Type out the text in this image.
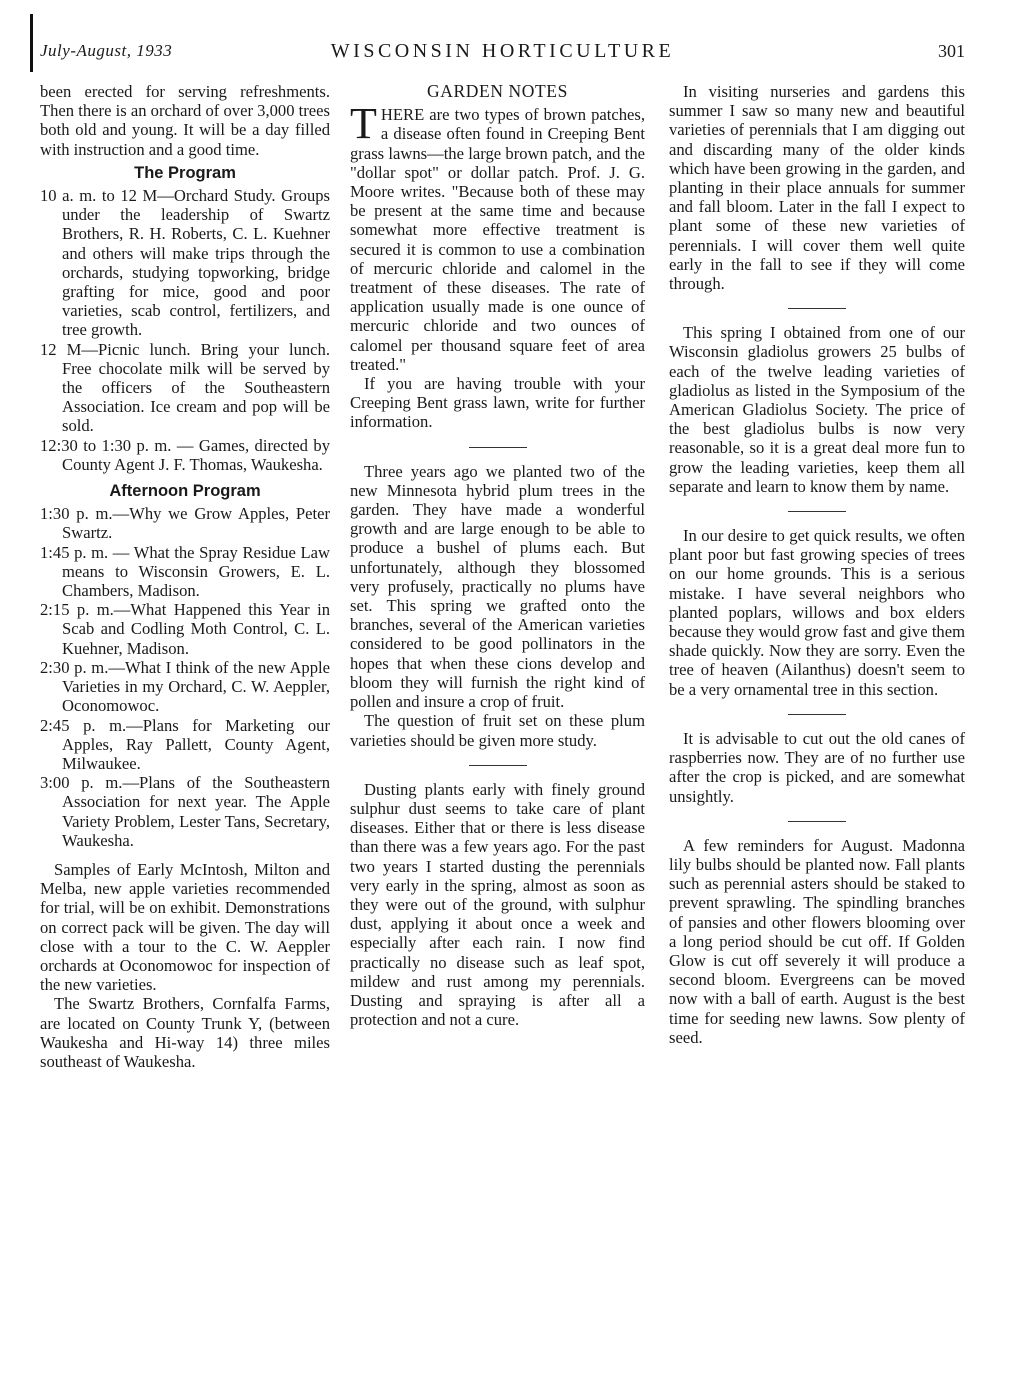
July-August, 1933	WISCONSIN HORTICULTURE	301

been erected for serving refreshments. Then there is an orchard of over 3,000 trees both old and young. It will be a day filled with instruction and a good time.

The Program

10 a. m. to 12 M—Orchard Study. Groups under the leadership of Swartz Brothers, R. H. Roberts, C. L. Kuehner and others will make trips through the orchards, studying topworking, bridge grafting for mice, good and poor varieties, scab control, fertilizers, and tree growth.

12 M—Picnic lunch. Bring your lunch. Free chocolate milk will be served by the officers of the Southeastern Association. Ice cream and pop will be sold.

12:30 to 1:30 p. m. — Games, directed by County Agent J. F. Thomas, Waukesha.

Afternoon Program

1:30 p. m.—Why we Grow Apples, Peter Swartz.

1:45 p. m. — What the Spray Residue Law means to Wisconsin Growers, E. L. Chambers, Madison.

2:15 p. m.—What Happened this Year in Scab and Codling Moth Control, C. L. Kuehner, Madison.

2:30 p. m.—What I think of the new Apple Varieties in my Orchard, C. W. Aeppler, Oconomowoc.

2:45 p. m.—Plans for Marketing our Apples, Ray Pallett, County Agent, Milwaukee.

3:00 p. m.—Plans of the Southeastern Association for next year. The Apple Variety Problem, Lester Tans, Secretary, Waukesha.

Samples of Early McIntosh, Milton and Melba, new apple varieties recommended for trial, will be on exhibit. Demonstrations on correct pack will be given. The day will close with a tour to the C. W. Aeppler orchards at Oconomowoc for inspection of the new varieties.

The Swartz Brothers, Cornfalfa Farms, are located on County Trunk Y, (between Waukesha and Hi-way 14) three miles southeast of Waukesha.

GARDEN NOTES

THERE are two types of brown patches, a disease often found in Creeping Bent grass lawns—the large brown patch, and the "dollar spot" or dollar patch. Prof. J. G. Moore writes. "Because both of these may be present at the same time and because somewhat more effective treatment is secured it is common to use a combination of mercuric chloride and calomel in the treatment of these diseases. The rate of application usually made is one ounce of mercuric chloride and two ounces of calomel per thousand square feet of area treated."

If you are having trouble with your Creeping Bent grass lawn, write for further information.

Three years ago we planted two of the new Minnesota hybrid plum trees in the garden. They have made a wonderful growth and are large enough to be able to produce a bushel of plums each. But unfortunately, although they blossomed very profusely, practically no plums have set. This spring we grafted onto the branches, several of the American varieties considered to be good pollinators in the hopes that when these cions develop and bloom they will furnish the right kind of pollen and insure a crop of fruit.

The question of fruit set on these plum varieties should be given more study.

Dusting plants early with finely ground sulphur dust seems to take care of plant diseases. Either that or there is less disease than there was a few years ago. For the past two years I started dusting the perennials very early in the spring, almost as soon as they were out of the ground, with sulphur dust, applying it about once a week and especially after each rain. I now find practically no disease such as leaf spot, mildew and rust among my perennials. Dusting and spraying is after all a protection and not a cure.

In visiting nurseries and gardens this summer I saw so many new and beautiful varieties of perennials that I am digging out and discarding many of the older kinds which have been growing in the garden, and planting in their place annuals for summer and fall bloom. Later in the fall I expect to plant some of these new varieties of perennials. I will cover them well quite early in the fall to see if they will come through.

This spring I obtained from one of our Wisconsin gladiolus growers 25 bulbs of each of the twelve leading varieties of gladiolus as listed in the Symposium of the American Gladiolus Society. The price of the best gladiolus bulbs is now very reasonable, so it is a great deal more fun to grow the leading varieties, keep them all separate and learn to know them by name.

In our desire to get quick results, we often plant poor but fast growing species of trees on our home grounds. This is a serious mistake. I have several neighbors who planted poplars, willows and box elders because they would grow fast and give them shade quickly. Now they are sorry. Even the tree of heaven (Ailanthus) doesn't seem to be a very ornamental tree in this section.

It is advisable to cut out the old canes of raspberries now. They are of no further use after the crop is picked, and are somewhat unsightly.

A few reminders for August. Madonna lily bulbs should be planted now. Fall plants such as perennial asters should be staked to prevent sprawling. The spindling branches of pansies and other flowers blooming over a long period should be cut off. If Golden Glow is cut off severely it will produce a second bloom. Evergreens can be moved now with a ball of earth. August is the best time for seeding new lawns. Sow plenty of seed.
